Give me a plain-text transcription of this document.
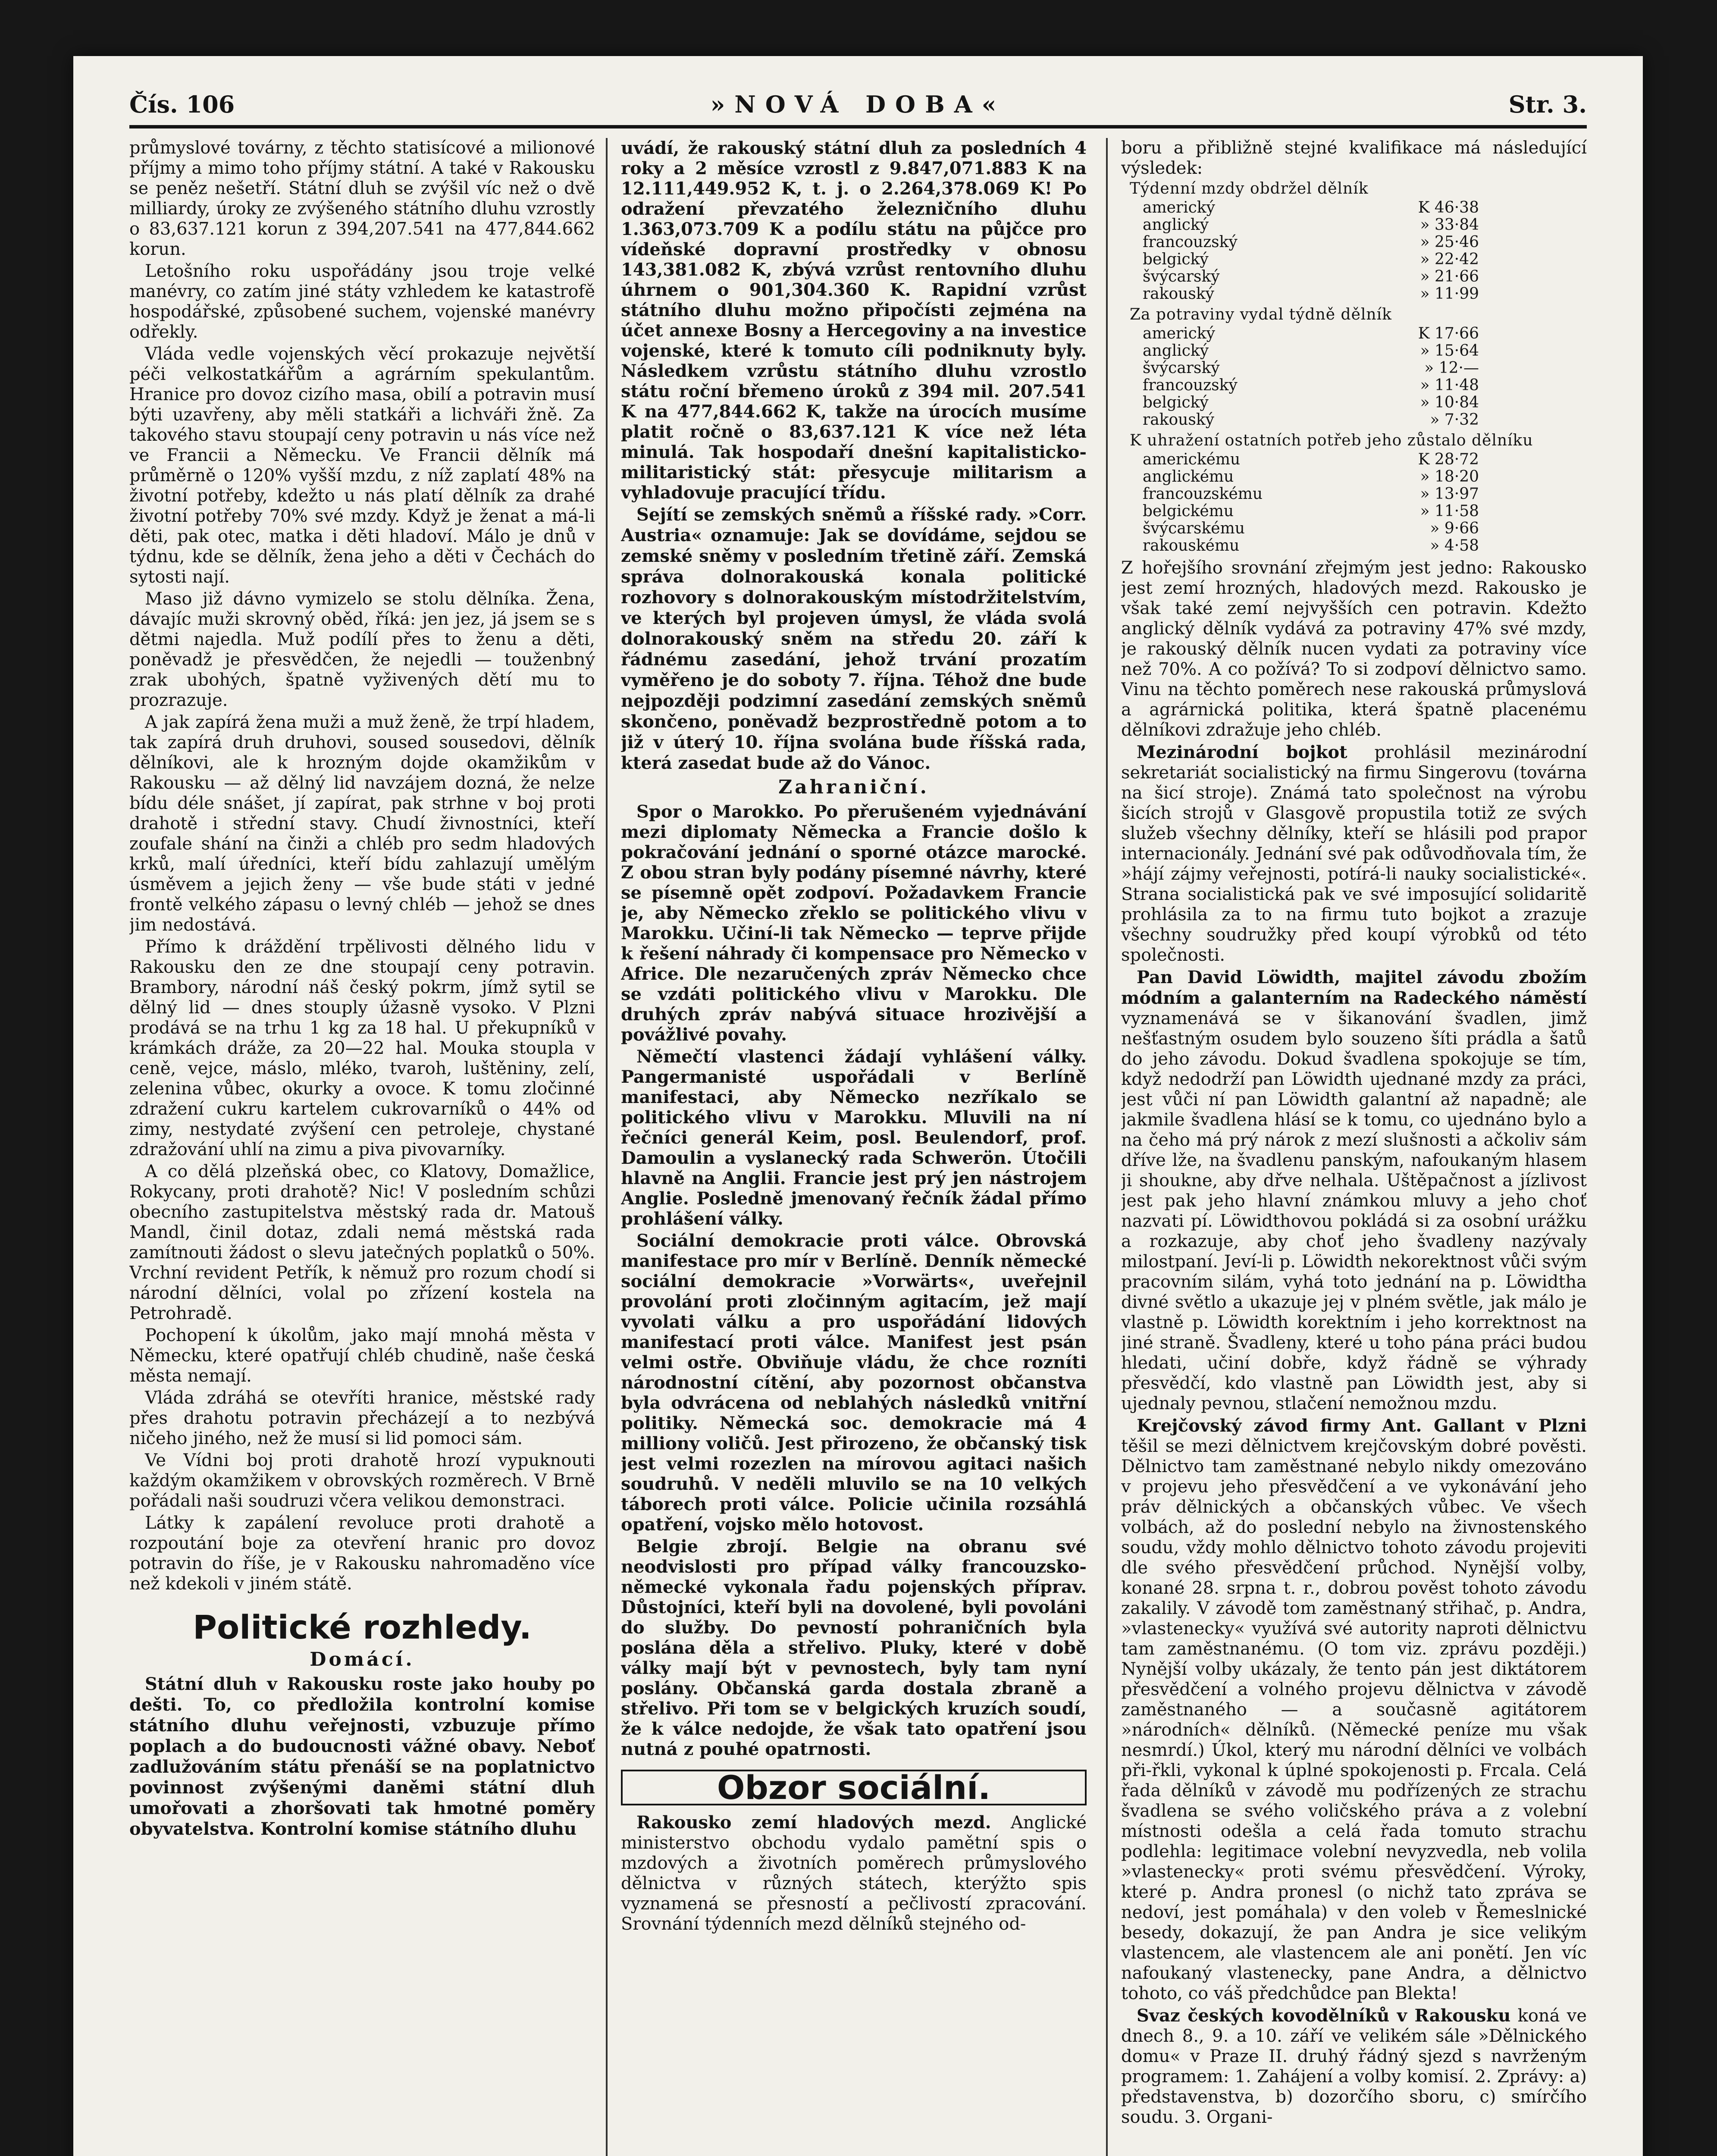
Čís. 106	»NOVÁ DOBA«	Str. 3.

průmyslové továrny, z těchto statisícové a milionové příjmy a mimo toho příjmy státní. A také v Rakousku se peněz nešetří. Státní dluh se zvýšil víc než o dvě milliardy, úroky ze zvýšeného státního dluhu vzrostly o 83,637.121 korun z 394,207.541 na 477,844.662 korun.

Letošního roku uspořádány jsou troje velké manévry, co zatím jiné státy vzhledem ke katastrofě hospodářské, způsobené suchem, vojenské manévry odřekly.

Vláda vedle vojenských věcí prokazuje největší péči velkostatkářům a agrárním spekulantům. Hranice pro dovoz cizího masa, obilí a potravin musí býti uzavřeny, aby měli statkáři a lichváři žně. Za takového stavu stoupají ceny potravin u nás více než ve Francii a Německu. Ve Francii dělník má průměrně o 120% vyšší mzdu, z níž zaplatí 48% na životní potřeby, kdežto u nás platí dělník za drahé životní potřeby 70% své mzdy. Když je ženat a má-li děti, pak otec, matka i děti hladoví. Málo je dnů v týdnu, kde se dělník, žena jeho a děti v Čechách do sytosti nají.

Maso již dávno vymizelo se stolu dělníka. Žena, dávajíc muži skrovný oběd, říká: jen jez, já jsem se s dětmi najedla. Muž podílí přes to ženu a děti, poněvadž je přesvědčen, že nejedli — touženbný zrak ubohých, špatně vyživených dětí mu to prozrazuje.

A jak zapírá žena muži a muž ženě, že trpí hladem, tak zapírá druh druhovi, soused sousedovi, dělník dělníkovi, ale k hrozným dojde okamžikům v Rakousku — až dělný lid navzájem dozná, že nelze bídu déle snášet, jí zapírat, pak strhne v boj proti drahotě i střední stavy. Chudí živnostníci, kteří zoufale shání na činži a chléb pro sedm hladových krků, malí úředníci, kteří bídu zahlazují umělým úsměvem a jejich ženy — vše bude státi v jedné frontě velkého zápasu o levný chléb — jehož se dnes jim nedostává.

Přímo k dráždění trpělivosti dělného lidu v Rakousku den ze dne stoupají ceny potravin. Brambory, národní náš český pokrm, jímž sytil se dělný lid — dnes stouply úžasně vysoko. V Plzni prodává se na trhu 1 kg za 18 hal. U překupníků v krámkách dráže, za 20—22 hal. Mouka stoupla v ceně, vejce, máslo, mléko, tvaroh, luštěniny, zelí, zelenina vůbec, okurky a ovoce. K tomu zločinné zdražení cukru kartelem cukrovarníků o 44% od zimy, nestydaté zvýšení cen petroleje, chystané zdražování uhlí na zimu a piva pivovarníky.

A co dělá plzeňská obec, co Klatovy, Domažlice, Rokycany, proti drahotě? Nic! V posledním schůzi obecního zastupitelstva městský rada dr. Matouš Mandl, činil dotaz, zdali nemá městská rada zamítnouti žádost o slevu jatečných poplatků o 50%. Vrchní revident Petřík, k němuž pro rozum chodí si národní dělníci, volal po zřízení kostela na Petrohradě.

Pochopení k úkolům, jako mají mnohá města v Německu, které opatřují chléb chudině, naše česká města nemají.

Vláda zdráhá se otevříti hranice, městské rady přes drahotu potravin přecházejí a to nezbývá ničeho jiného, než že musí si lid pomoci sám.

Ve Vídni boj proti drahotě hrozí vypuknouti každým okamžikem v obrovských rozměrech. V Brně pořádali naši soudruzi včera velikou demonstraci.

Látky k zapálení revoluce proti drahotě a rozpoutání boje za otevření hranic pro dovoz potravin do říše, je v Rakousku nahromaděno více než kdekoli v jiném státě.

Politické rozhledy.
Domácí.

Státní dluh v Rakousku roste jako houby po dešti. To, co předložila kontrolní komise státního dluhu veřejnosti, vzbuzuje přímo poplach a do budoucnosti vážné obavy. Neboť zadlužováním státu přenáší se na poplatnictvo povinnost zvýšenými daněmi státní dluh umořovati a zhoršovati tak hmotné poměry obyvatelstva. Kontrolní komise státního dluhu

uvádí, že rakouský státní dluh za posledních 4 roky a 2 měsíce vzrostl z 9.847,071.883 K na 12.111,449.952 K, t. j. o 2.264,378.069 K! Po odražení převzatého železničního dluhu 1.363,073.709 K a podílu státu na půjčce pro vídeňské dopravní prostředky v obnosu 143,381.082 K, zbývá vzrůst rentovního dluhu úhrnem o 901,304.360 K. Rapidní vzrůst státního dluhu možno připočísti zejména na účet annexe Bosny a Hercegoviny a na investice vojenské, které k tomuto cíli podniknuty byly. Následkem vzrůstu státního dluhu vzrostlo státu roční břemeno úroků z 394 mil. 207.541 K na 477,844.662 K, takže na úrocích musíme platit ročně o 83,637.121 K více než léta minulá. Tak hospodaří dnešní kapitalisticko-militaristický stát: přesycuje militarism a vyhladovuje pracující třídu.

Sejítí se zemských sněmů a říšské rady. »Corr. Austria« oznamuje: Jak se dovídáme, sejdou se zemské sněmy v posledním třetině září. Zemská správa dolnorakouská konala politické rozhovory s dolnorakouským místodržitelstvím, ve kterých byl projeven úmysl, že vláda svolá dolnorakouský sněm na středu 20. září k řádnému zasedání, jehož trvání prozatím vyměřeno je do soboty 7. října. Téhož dne bude nejpozději podzimní zasedání zemských sněmů skončeno, poněvadž bezprostředně potom a to již v úterý 10. října svolána bude říšská rada, která zasedat bude až do Vánoc.

Zahraniční.

Spor o Marokko. Po přerušeném vyjednávání mezi diplomaty Německa a Francie došlo k pokračování jednání o sporné otázce marocké. Z obou stran byly podány písemné návrhy, které se písemně opět zodpoví. Požadavkem Francie je, aby Německo zřeklo se politického vlivu v Marokku. Učiní-li tak Německo — teprve přijde k řešení náhrady či kompensace pro Německo v Africe. Dle nezaručených zpráv Německo chce se vzdáti politického vlivu v Marokku. Dle druhých zpráv nabývá situace hrozivější a povážlivé povahy.

Němečtí vlastenci žádají vyhlášení války. Pangermanisté uspořádali v Berlíně manifestaci, aby Německo nezříkalo se politického vlivu v Marokku. Mluvili na ní řečníci generál Keim, posl. Beulendorf, prof. Damoulin a vyslanecký rada Schwerön. Útočili hlavně na Anglii. Francie jest prý jen nástrojem Anglie. Posledně jmenovaný řečník žádal přímo prohlášení války.

Sociální demokracie proti válce. Obrovská manifestace pro mír v Berlíně. Denník německé sociální demokracie »Vorwärts«, uveřejnil provolání proti zločinným agitacím, jež mají vyvolati válku a pro uspořádání lidových manifestací proti válce. Manifest jest psán velmi ostře. Obviňuje vládu, že chce rozníti národnostní cítění, aby pozornost občanstva byla odvrácena od neblahých následků vnitřní politiky. Německá soc. demokracie má 4 milliony voličů. Jest přirozeno, že občanský tisk jest velmi rozezlen na mírovou agitaci našich soudruhů. V neděli mluvilo se na 10 velkých táborech proti válce. Policie učinila rozsáhlá opatření, vojsko mělo hotovost.

Belgie zbrojí. Belgie na obranu své neodvislosti pro případ války francouzsko-německé vykonala řadu pojenských příprav. Důstojníci, kteří byli na dovolené, byli povoláni do služby. Do pevností pohraničních byla poslána děla a střelivo. Pluky, které v době války mají být v pevnostech, byly tam nyní poslány. Občanská garda dostala zbraně a střelivo. Při tom se v belgických kruzích soudí, že k válce nedojde, že však tato opatření jsou nutná z pouhé opatrnosti.

Obzor sociální.

Rakousko zemí hladových mezd. Anglické ministerstvo obchodu vydalo pamětní spis o mzdových a životních poměrech průmyslového dělnictva v různých státech, kterýžto spis vyznamená se přesností a pečlivostí zpracování. Srovnání týdenních mezd dělníků stejného od-

boru a přibližně stejné kvalifikace má následující výsledek:

Týdenní mzdy obdržel dělník
americký	K 46·38
anglický	» 33·84
francouzský	» 25·46
belgický	» 22·42
švýcarský	» 21·66
rakouský	» 11·99
Za potraviny vydal týdně dělník
americký	K 17·66
anglický	» 15·64
švýcarský	» 12·—
francouzský	» 11·48
belgický	» 10·84
rakouský	» 7·32
K uhražení ostatních potřeb jeho zůstalo dělníku
americkému	K 28·72
anglickému	» 18·20
francouzskému	» 13·97
belgickému	» 11·58
švýcarskému	» 9·66
rakouskému	» 4·58

Z hořejšího srovnání zřejmým jest jedno: Rakousko jest zemí hrozných, hladových mezd. Rakousko je však také zemí nejvyšších cen potravin. Kdežto anglický dělník vydává za potraviny 47% své mzdy, je rakouský dělník nucen vydati za potraviny více než 70%. A co požívá? To si zodpoví dělnictvo samo. Vinu na těchto poměrech nese rakouská průmyslová a agrárnická politika, která špatně placenému dělníkovi zdražuje jeho chléb.

Mezinárodní bojkot prohlásil mezinárodní sekretariát socialistický na firmu Singerovu (továrna na šicí stroje). Známá tato společnost na výrobu šicích strojů v Glasgově propustila totiž ze svých služeb všechny dělníky, kteří se hlásili pod prapor internacionály. Jednání své pak odůvodňovala tím, že »hájí zájmy veřejnosti, potírá-li nauky socialistické«. Strana socialistická pak ve své imposující solidaritě prohlásila za to na firmu tuto bojkot a zrazuje všechny soudružky před koupí výrobků od této společnosti.

Pan David Löwidth, majitel závodu zbožím módním a galanterním na Radeckého náměstí vyznamenává se v šikanování švadlen, jimž nešťastným osudem bylo souzeno šíti prádla a šatů do jeho závodu. Dokud švadlena spokojuje se tím, když nedodrží pan Löwidth ujednané mzdy za práci, jest vůči ní pan Löwidth galantní až napadně; ale jakmile švadlena hlásí se k tomu, co ujednáno bylo a na čeho má prý nárok z mezí slušnosti a ačkoliv sám dříve lže, na švadlenu panským, nafoukaným hlasem ji shoukne, aby dřve nelhala. Uštěpačnost a jízlivost jest pak jeho hlavní známkou mluvy a jeho choť nazvati pí. Löwidthovou pokládá si za osobní urážku a rozkazuje, aby choť jeho švadleny nazývaly milostpaní. Jeví-li p. Löwidth nekorektnost vůči svým pracovním silám, vyhá toto jednání na p. Löwidtha divné světlo a ukazuje jej v plném světle, jak málo je vlastně p. Löwidth korektním i jeho korrektnost na jiné straně. Švadleny, které u toho pána práci budou hledati, učiní dobře, když řádně se výhrady přesvědčí, kdo vlastně pan Löwidth jest, aby si ujednaly pevnou, stlačení nemožnou mzdu.

Krejčovský závod firmy Ant. Gallant v Plzni těšil se mezi dělnictvem krejčovským dobré pověsti. Dělnictvo tam zaměstnané nebylo nikdy omezováno v projevu jeho přesvědčení a ve vykonávání jeho práv dělnických a občanských vůbec. Ve všech volbách, až do poslední nebylo na živnostenského soudu, vždy mohlo dělnictvo tohoto závodu projeviti dle svého přesvědčení průchod. Nynější volby, konané 28. srpna t. r., dobrou pověst tohoto závodu zakalily. V závodě tom zaměstnaný střihač, p. Andra, »vlastenecky« využívá své autority naproti dělnictvu tam zaměstnanému. (O tom viz. zprávu později.) Nynější volby ukázaly, že tento pán jest diktátorem přesvědčení a volného projevu dělnictva v závodě zaměstnaného — a současně agitátorem »národních« dělníků. (Německé peníze mu však nesmrdí.) Úkol, který mu národní dělníci ve volbách při-řkli, vykonal k úplné spokojenosti p. Frcala. Celá řada dělníků v závodě mu podřízených ze strachu švadlena se svého voličského práva a z volební místnosti odešla a celá řada tomuto strachu podlehla: legitimace volební nevyzvedla, neb volila »vlastenecky« proti svému přesvědčení. Výroky, které p. Andra pronesl (o nichž tato zpráva se nedoví, jest pomáhala) v den voleb v Řemeslnické besedy, dokazují, že pan Andra je sice velikým vlastencem, ale vlastencem ale ani ponětí. Jen víc nafoukaný vlastenecky, pane Andra, a dělnictvo tohoto, co váš předchůdce pan Blekta!

Svaz českých kovodělníků v Rakousku koná ve dnech 8., 9. a 10. září ve velikém sále »Dělnického domu« v Praze II. druhý řádný sjezd s navrženým programem: 1. Zahájení a volby komisí. 2. Zprávy: a) představenstva, b) dozorčího sboru, c) smírčího soudu. 3. Organi-
